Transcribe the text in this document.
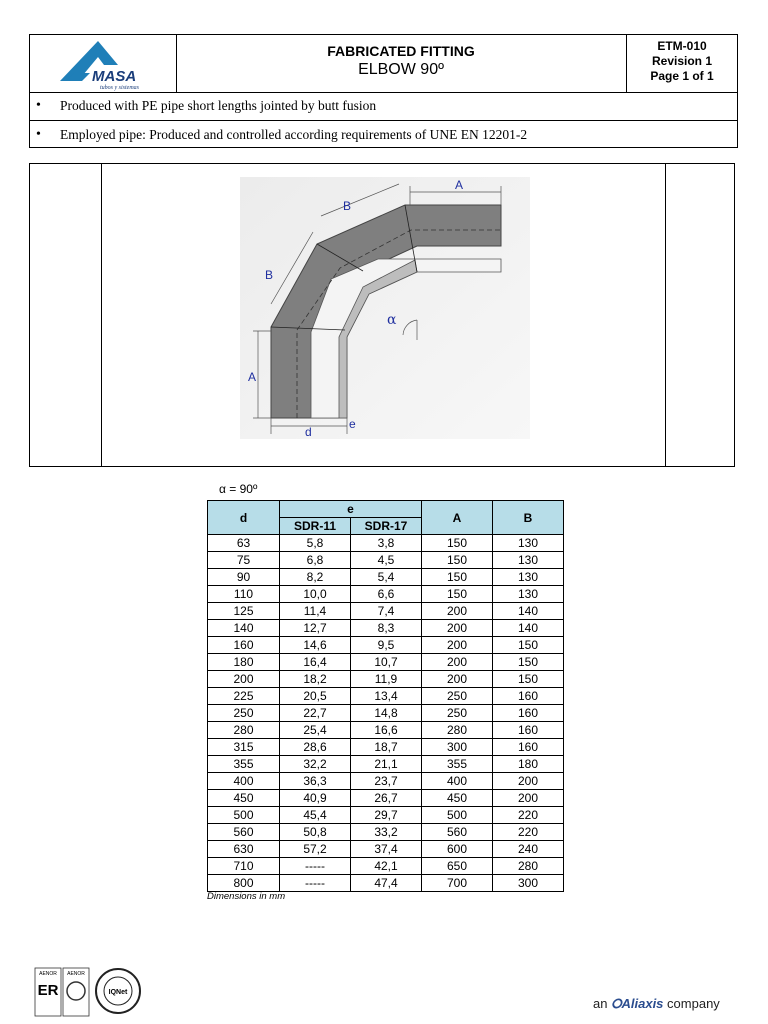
MASA
tubos y sistemas
FABRICATED FITTING
ELBOW 90º
ETM-010
Revision 1
Page 1 of 1
• Produced with PE pipe short lengths jointed by butt fusion
• Employed pipe: Produced and controlled according requirements of UNE EN 12201-2
A
B
B
A
d
e
α
α = 90º
d	e		A	B
	SDR-11	SDR-17		
63	5,8	3,8	150	130
75	6,8	4,5	150	130
90	8,2	5,4	150	130
110	10,0	6,6	150	130
125	11,4	7,4	200	140
140	12,7	8,3	200	140
160	14,6	9,5	200	150
180	16,4	10,7	200	150
200	18,2	11,9	200	150
225	20,5	13,4	250	160
250	22,7	14,8	250	160
280	25,4	16,6	280	160
315	28,6	18,7	300	160
355	32,2	21,1	355	180
400	36,3	23,7	400	200
450	40,9	26,7	450	200
500	45,4	29,7	500	220
560	50,8	33,2	560	220
630	57,2	37,4	600	240
710	-----	42,1	650	280
800	-----	47,4	700	300
Dimensions in mm
AENOR
ER
AENOR
IQNet
an ⭘Aliaxis company
